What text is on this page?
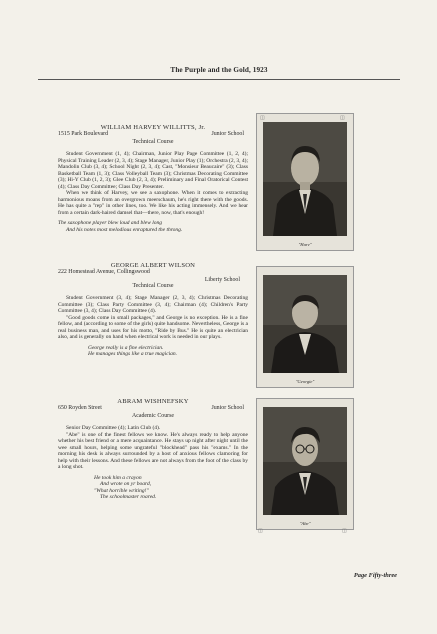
The Purple and the Gold, 1923
WILLIAM HARVEY WILLITTS, Jr.
1515 Park Boulevard	Junior School
Technical Course

Student Government (1, 4); Chairman, Junior Play Page Committee (1, 2, 4); Physical Training Leader (2, 3, 4); Stage Manager, Junior Play (1); Orchestra (2, 3, 4); Mandolin Club (3, 4); School Night (2, 3, 4); Cast, "Monsieur Beaucaire" (3); Class Basketball Team (1, 3); Class Volleyball Team (3); Christmas Decorating Committee (3); Hi-Y Club (1, 2, 3); Glee Club (2, 3, 4); Preliminary and Final Oratorical Contest (4); Class Day Committee; Class Day Presenter.

When we think of Harvey, we see a saxophone. When it comes to extracting harmonious moans from an overgrown meerschaum, he's right there with the goods. He has quite a "rep" in other lines, too. We like his acting immensely. And we hear from a certain dark-haired damsel that—there, now, that's enough!

The saxophone player blew loud and blew long
And his notes most melodious enraptured the throng.
GEORGE ALBERT WILSON
222 Homestead Avenue, Collingswood
Liberty School
Technical Course

Student Government (3, 4); Stage Manager (2, 3, 4); Christmas Decorating Committee (3); Class Party Committee (3, 4); Chairman (4); Children's Party Committee (3, 4); Class Day Committee (4).

"Good goods come in small packages," and George is no exception. He is a fine fellow, and (according to some of the girls) quite handsome. Nevertheless, George is a real business man, and uses for his motto, "Ride by Bus." He is quite an electrician also, and is generally on hand when electrical work is needed in our plays.

George really is a fine electrician.
He manages things like a true magician.
ABRAM WISHNEFSKY
650 Royden Street	Junior School
Academic Course

Senior Day Committee (4); Latin Club (4).

"Abe" is one of the finest fellows we know. He's always ready to help anyone whether his best friend or a mere acquaintance. He stays up night after night until the wee small hours, helping some ungrateful "blockhead" pass his "exams." In the morning his desk is always surrounded by a host of anxious fellows clamoring for help with their lessons. And these fellows are not always from the foot of the class by a long shot.

He took him a crayon
And wrote on yr board,
"What horrible writing!"
The schoolmaster roared.
"Harv"
"Georgie"
"Abe"
◫	◫
◫	◫
Page Fifty-three
